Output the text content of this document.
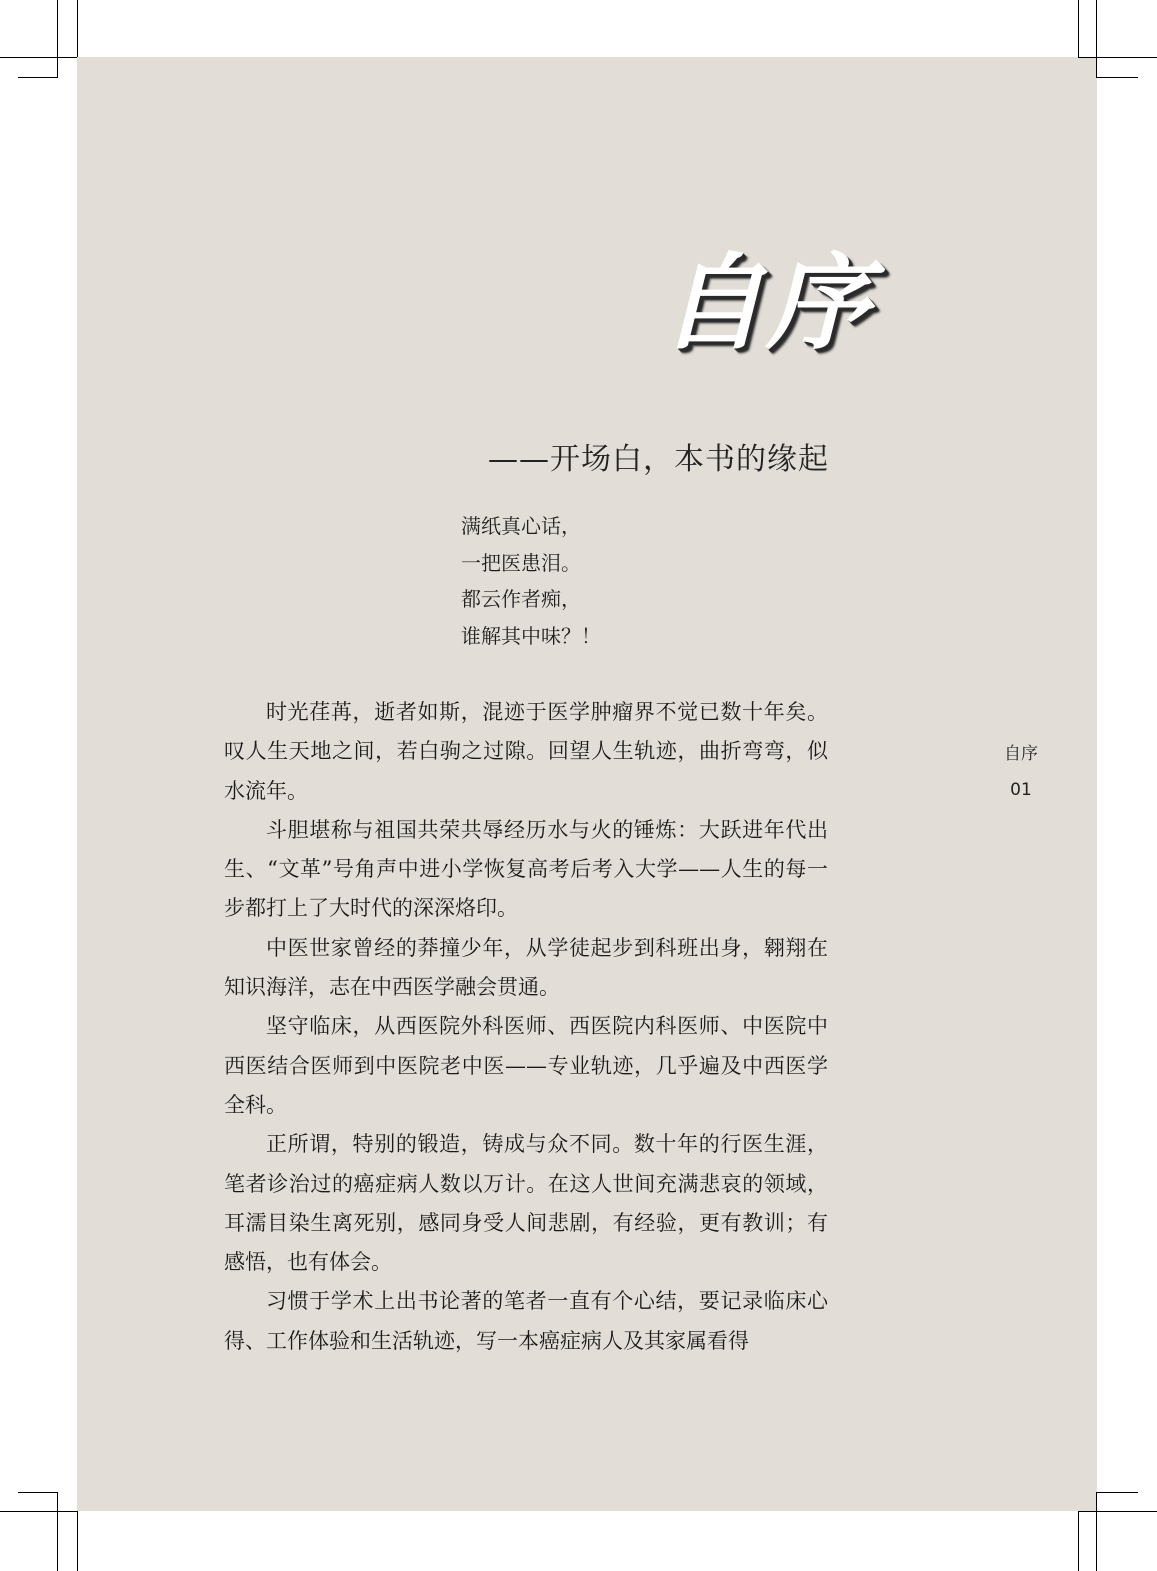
自序
——开场白，本书的缘起
满纸真心话，
一把医患泪。
都云作者痴，
谁解其中味？！

时光荏苒，逝者如斯，混迹于医学肿瘤界不觉已数十年矣。叹人生天地之间，若白驹之过隙。回望人生轨迹，曲折弯弯，似水流年。

斗胆堪称与祖国共荣共辱经历水与火的锤炼：大跃进年代出生、“文革”号角声中进小学恢复高考后考入大学——人生的每一步都打上了大时代的深深烙印。

中医世家曾经的莽撞少年，从学徒起步到科班出身，翱翔在知识海洋，志在中西医学融会贯通。

坚守临床，从西医院外科医师、西医院内科医师、中医院中西医结合医师到中医院老中医——专业轨迹，几乎遍及中西医学全科。

正所谓，特别的锻造，铸成与众不同。数十年的行医生涯，笔者诊治过的癌症病人数以万计。在这人世间充满悲哀的领域，耳濡目染生离死别，感同身受人间悲剧，有经验，更有教训；有感悟，也有体会。

习惯于学术上出书论著的笔者一直有个心结，要记录临床心得、工作体验和生活轨迹，写一本癌症病人及其家属看得

自序
01
